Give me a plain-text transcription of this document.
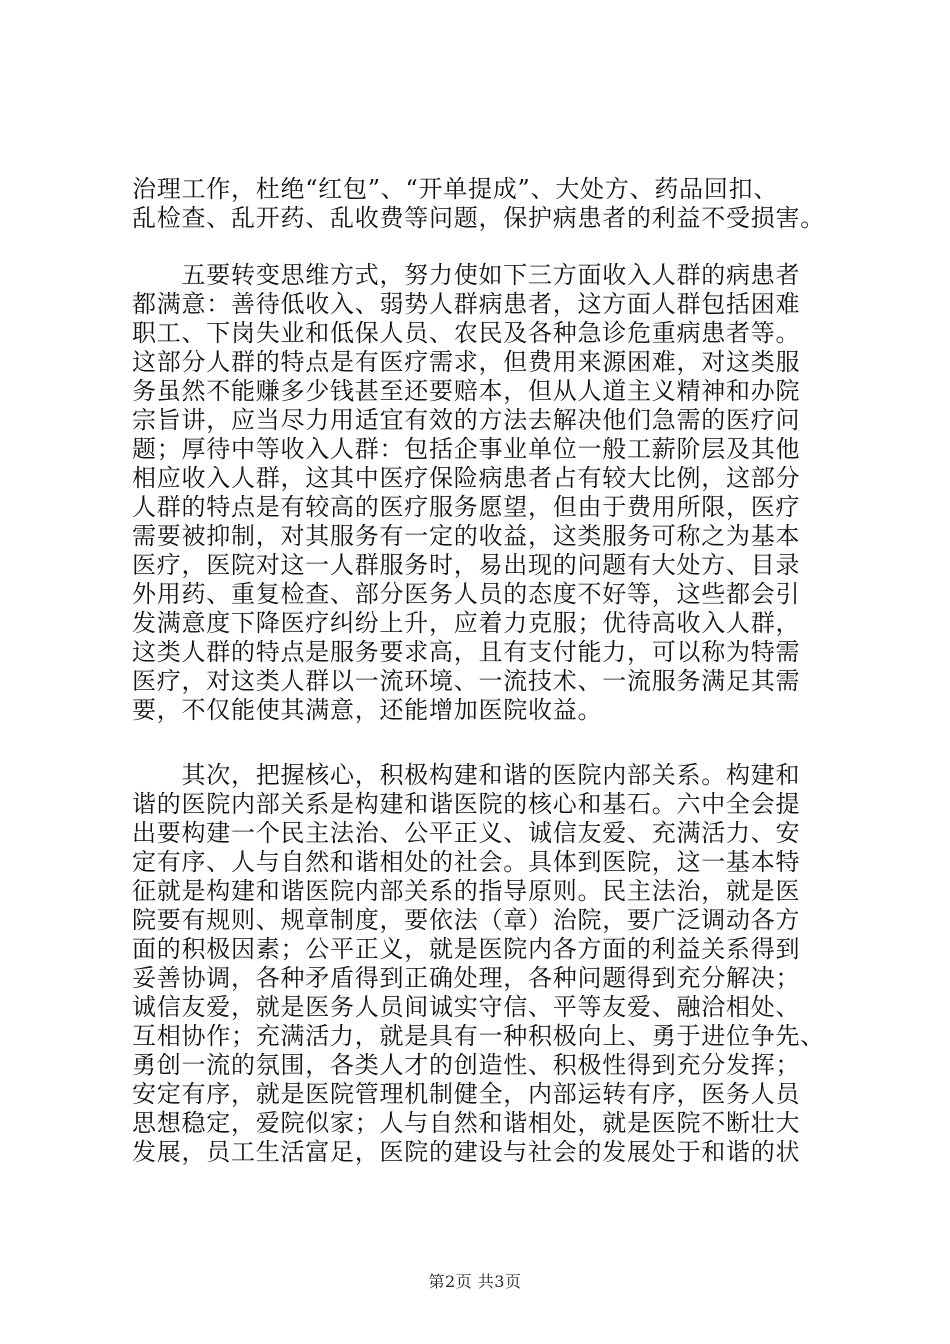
治理工作，杜绝“红包”、“开单提成”、大处方、药品回扣、
乱检查、乱开药、乱收费等问题，保护病患者的利益不受损害。
　　五要转变思维方式，努力使如下三方面收入人群的病患者
都满意：善待低收入、弱势人群病患者，这方面人群包括困难
职工、下岗失业和低保人员、农民及各种急诊危重病患者等。
这部分人群的特点是有医疗需求，但费用来源困难，对这类服
务虽然不能赚多少钱甚至还要赔本，但从人道主义精神和办院
宗旨讲，应当尽力用适宜有效的方法去解决他们急需的医疗问
题；厚待中等收入人群：包括企事业单位一般工薪阶层及其他
相应收入人群，这其中医疗保险病患者占有较大比例，这部分
人群的特点是有较高的医疗服务愿望，但由于费用所限，医疗
需要被抑制，对其服务有一定的收益，这类服务可称之为基本
医疗，医院对这一人群服务时，易出现的问题有大处方、目录
外用药、重复检查、部分医务人员的态度不好等，这些都会引
发满意度下降医疗纠纷上升，应着力克服；优待高收入人群，
这类人群的特点是服务要求高，且有支付能力，可以称为特需
医疗，对这类人群以一流环境、一流技术、一流服务满足其需
要，不仅能使其满意，还能增加医院收益。
　　其次，把握核心，积极构建和谐的医院内部关系。构建和
谐的医院内部关系是构建和谐医院的核心和基石。六中全会提
出要构建一个民主法治、公平正义、诚信友爱、充满活力、安
定有序、人与自然和谐相处的社会。具体到医院，这一基本特
征就是构建和谐医院内部关系的指导原则。民主法治，就是医
院要有规则、规章制度，要依法（章）治院，要广泛调动各方
面的积极因素；公平正义，就是医院内各方面的利益关系得到
妥善协调，各种矛盾得到正确处理，各种问题得到充分解决；
诚信友爱，就是医务人员间诚实守信、平等友爱、融洽相处、
互相协作；充满活力，就是具有一种积极向上、勇于进位争先、
勇创一流的氛围，各类人才的创造性、积极性得到充分发挥；
安定有序，就是医院管理机制健全，内部运转有序，医务人员
思想稳定，爱院似家；人与自然和谐相处，就是医院不断壮大
发展，员工生活富足，医院的建设与社会的发展处于和谐的状
第2页 共3页
